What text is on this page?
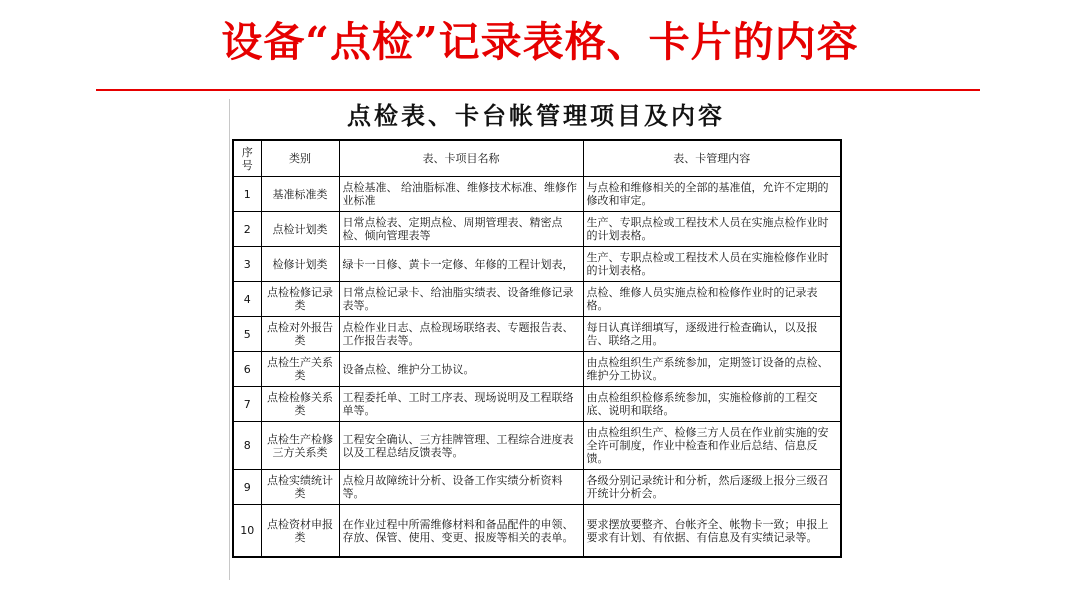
设备“点检”记录表格、卡片的内容
点检表、卡台帐管理项目及内容
序号	类别	表、卡项目名称	表、卡管理内容
1	基准标准类	点检基准、 给油脂标准、维修技术标准、维修作业标准	与点检和维修相关的全部的基准值，允许不定期的修改和审定。
2	点检计划类	日常点检表、定期点检、周期管理表、精密点检、倾向管理表等	生产、专职点检或工程技术人员在实施点检作业时的计划表格。
3	检修计划类	绿卡一日修、黄卡一定修、年修的工程计划表，	生产、专职点检或工程技术人员在实施检修作业时的计划表格。
4	点检检修记录类	日常点检记录卡、给油脂实绩表、设备维修记录表等。	点检、维修人员实施点检和检修作业时的记录表格。
5	点检对外报告类	点检作业日志、点检现场联络表、专题报告表、工作报告表等。	每日认真详细填写，逐级进行检查确认，以及报告、联络之用。
6	点检生产关系类	设备点检、维护分工协议。	由点检组织生产系统参加，定期签订设备的点检、维护分工协议。
7	点检检修关系类	工程委托单、工时工序表、现场说明及工程联络单等。	由点检组织检修系统参加，实施检修前的工程交底、说明和联络。
8	点检生产检修三方关系类	工程安全确认、三方挂牌管理、工程综合进度表以及工程总结反馈表等。	由点检组织生产、检修三方人员在作业前实施的安全许可制度，作业中检查和作业后总结、信息反馈。
9	点检实绩统计类	点检月故障统计分析、设备工作实绩分析资料等。	各级分别记录统计和分析，然后逐级上报分三级召开统计分析会。
10	点检资材申报类	在作业过程中所需维修材料和备品配件的申领、存放、保管、使用、变更、报废等相关的表单。	要求摆放要整齐、台帐齐全、帐物卡一致；申报上要求有计划、有依据、有信息及有实绩记录等。
